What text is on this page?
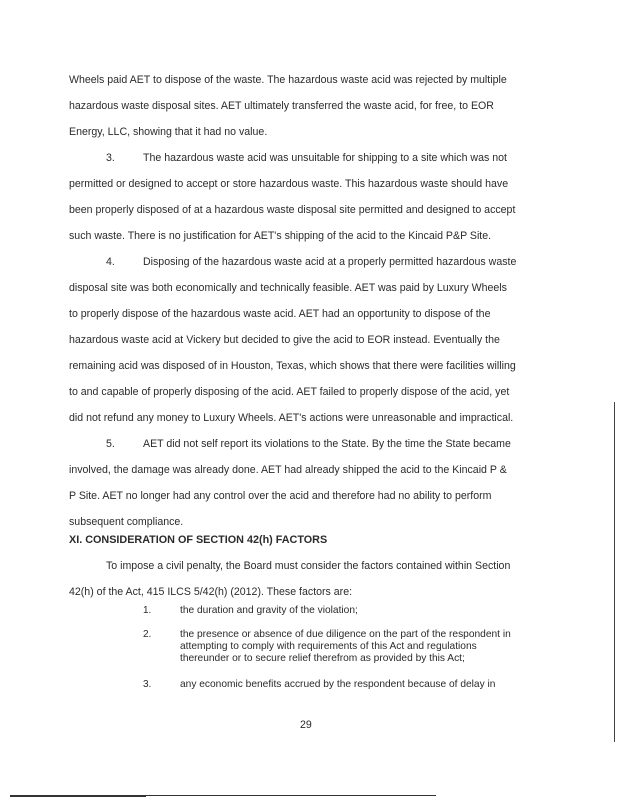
Wheels paid AET to dispose of the waste. The hazardous waste acid was rejected by multiple
hazardous waste disposal sites. AET ultimately transferred the waste acid, for free, to EOR
Energy, LLC, showing that it had no value.
3.	The hazardous waste acid was unsuitable for shipping to a site which was not
permitted or designed to accept or store hazardous waste. This hazardous waste should have
been properly disposed of at a hazardous waste disposal site permitted and designed to accept
such waste. There is no justification for AET's shipping of the acid to the Kincaid P&P Site.
4.	Disposing of the hazardous waste acid at a properly permitted hazardous waste
disposal site was both economically and technically feasible. AET was paid by Luxury Wheels
to properly dispose of the hazardous waste acid. AET had an opportunity to dispose of the
hazardous waste acid at Vickery but decided to give the acid to EOR instead. Eventually the
remaining acid was disposed of in Houston, Texas, which shows that there were facilities willing
to and capable of properly disposing of the acid. AET failed to properly dispose of the acid, yet
did not refund any money to Luxury Wheels. AET's actions were unreasonable and impractical.
5.	AET did not self report its violations to the State. By the time the State became
involved, the damage was already done. AET had already shipped the acid to the Kincaid P &
P Site. AET no longer had any control over the acid and therefore had no ability to perform
subsequent compliance.
XI. CONSIDERATION OF SECTION 42(h) FACTORS
To impose a civil penalty, the Board must consider the factors contained within Section
42(h) of the Act, 415 ILCS 5/42(h) (2012). These factors are:
1.	the duration and gravity of the violation;
2.	the presence or absence of due diligence on the part of the respondent in
attempting to comply with requirements of this Act and regulations
thereunder or to secure relief therefrom as provided by this Act;
3.	any economic benefits accrued by the respondent because of delay in
29
